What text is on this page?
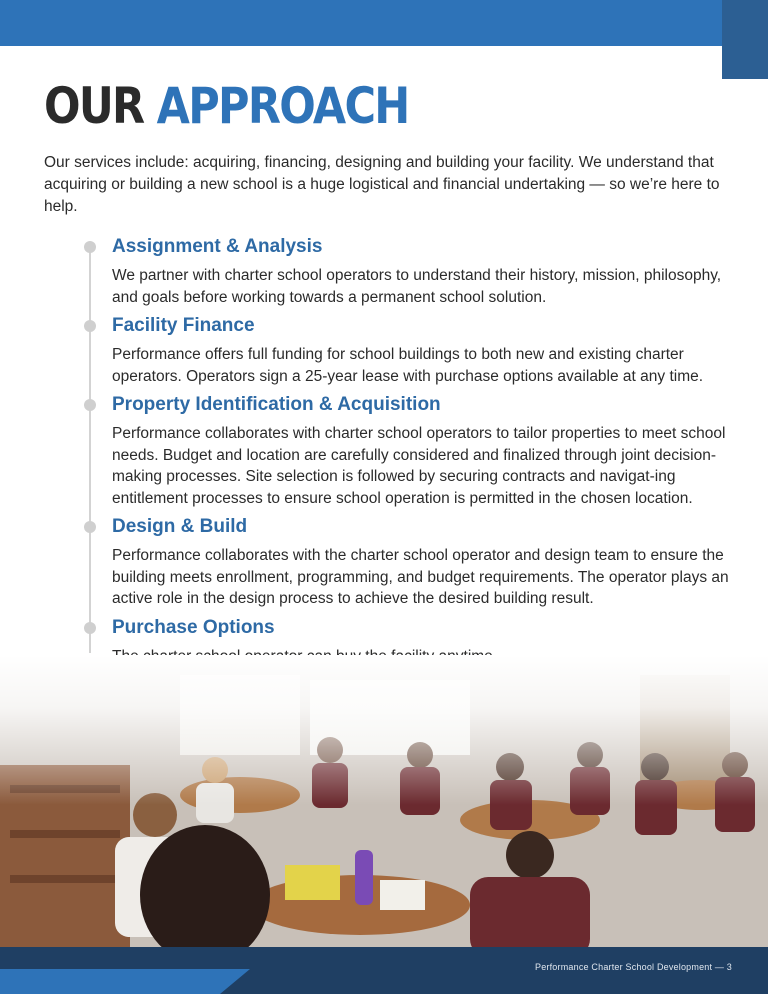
OUR APPROACH

Our services include: acquiring, financing, designing and building your facility. We understand that acquiring or building a new school is a huge logistical and financial undertaking — so we’re here to help.

Assignment & Analysis

We partner with charter school operators to understand their history, mission, philosophy, and goals before working towards a permanent school solution.

Facility Finance

Performance offers full funding for school buildings to both new and existing charter operators. Operators sign a 25-year lease with purchase options available at any time.

Property Identification & Acquisition

Performance collaborates with charter school operators to tailor properties to meet school needs. Budget and location are carefully considered and finalized through joint decision-making processes. Site selection is followed by securing contracts and navigat-ing entitlement processes to ensure school operation is permitted in the chosen location.

Design & Build

Performance collaborates with the charter school operator and design team to ensure the building meets enrollment, programming, and budget requirements. The operator plays an active role in the design process to achieve the desired building result.

Purchase Options

Performance Charter School Development — 3
